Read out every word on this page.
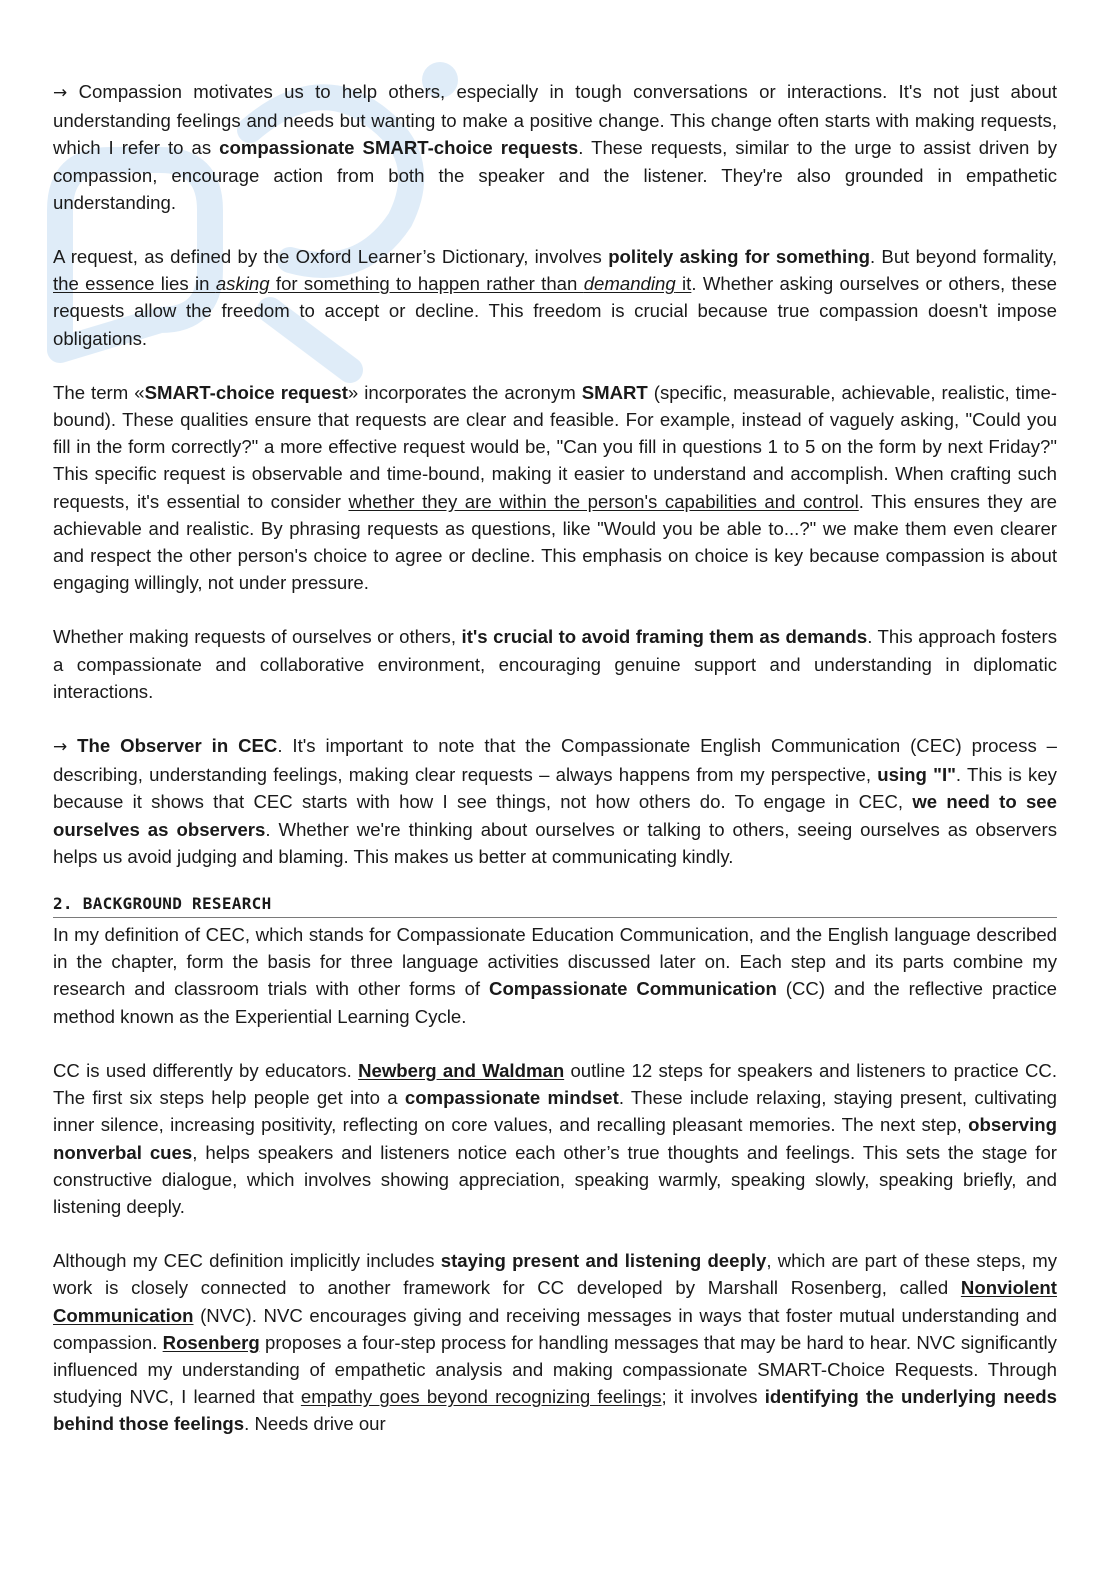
→ Compassion motivates us to help others, especially in tough conversations or interactions. It's not just about understanding feelings and needs but wanting to make a positive change. This change often starts with making requests, which I refer to as compassionate SMART-choice requests. These requests, similar to the urge to assist driven by compassion, encourage action from both the speaker and the listener. They're also grounded in empathetic understanding.

A request, as defined by the Oxford Learner’s Dictionary, involves politely asking for something. But beyond formality, the essence lies in asking for something to happen rather than demanding it. Whether asking ourselves or others, these requests allow the freedom to accept or decline. This freedom is crucial because true compassion doesn't impose obligations.

The term «SMART-choice request» incorporates the acronym SMART (specific, measurable, achievable, realistic, time-bound). These qualities ensure that requests are clear and feasible. For example, instead of vaguely asking, "Could you fill in the form correctly?" a more effective request would be, "Can you fill in questions 1 to 5 on the form by next Friday?" This specific request is observable and time-bound, making it easier to understand and accomplish. When crafting such requests, it's essential to consider whether they are within the person's capabilities and control. This ensures they are achievable and realistic. By phrasing requests as questions, like "Would you be able to...?" we make them even clearer and respect the other person's choice to agree or decline. This emphasis on choice is key because compassion is about engaging willingly, not under pressure.

Whether making requests of ourselves or others, it's crucial to avoid framing them as demands. This approach fosters a compassionate and collaborative environment, encouraging genuine support and understanding in diplomatic interactions.

→ The Observer in CEC. It's important to note that the Compassionate English Communication (CEC) process – describing, understanding feelings, making clear requests – always happens from my perspective, using "I". This is key because it shows that CEC starts with how I see things, not how others do. To engage in CEC, we need to see ourselves as observers. Whether we're thinking about ourselves or talking to others, seeing ourselves as observers helps us avoid judging and blaming. This makes us better at communicating kindly.

2. BACKGROUND RESEARCH

In my definition of CEC, which stands for Compassionate Education Communication, and the English language described in the chapter, form the basis for three language activities discussed later on. Each step and its parts combine my research and classroom trials with other forms of Compassionate Communication (CC) and the reflective practice method known as the Experiential Learning Cycle.

CC is used differently by educators. Newberg and Waldman outline 12 steps for speakers and listeners to practice CC. The first six steps help people get into a compassionate mindset. These include relaxing, staying present, cultivating inner silence, increasing positivity, reflecting on core values, and recalling pleasant memories. The next step, observing nonverbal cues, helps speakers and listeners notice each other’s true thoughts and feelings. This sets the stage for constructive dialogue, which involves showing appreciation, speaking warmly, speaking slowly, speaking briefly, and listening deeply.

Although my CEC definition implicitly includes staying present and listening deeply, which are part of these steps, my work is closely connected to another framework for CC developed by Marshall Rosenberg, called Nonviolent Communication (NVC). NVC encourages giving and receiving messages in ways that foster mutual understanding and compassion. Rosenberg proposes a four-step process for handling messages that may be hard to hear. NVC significantly influenced my understanding of empathetic analysis and making compassionate SMART-Choice Requests. Through studying NVC, I learned that empathy goes beyond recognizing feelings; it involves identifying the underlying needs behind those feelings. Needs drive our
